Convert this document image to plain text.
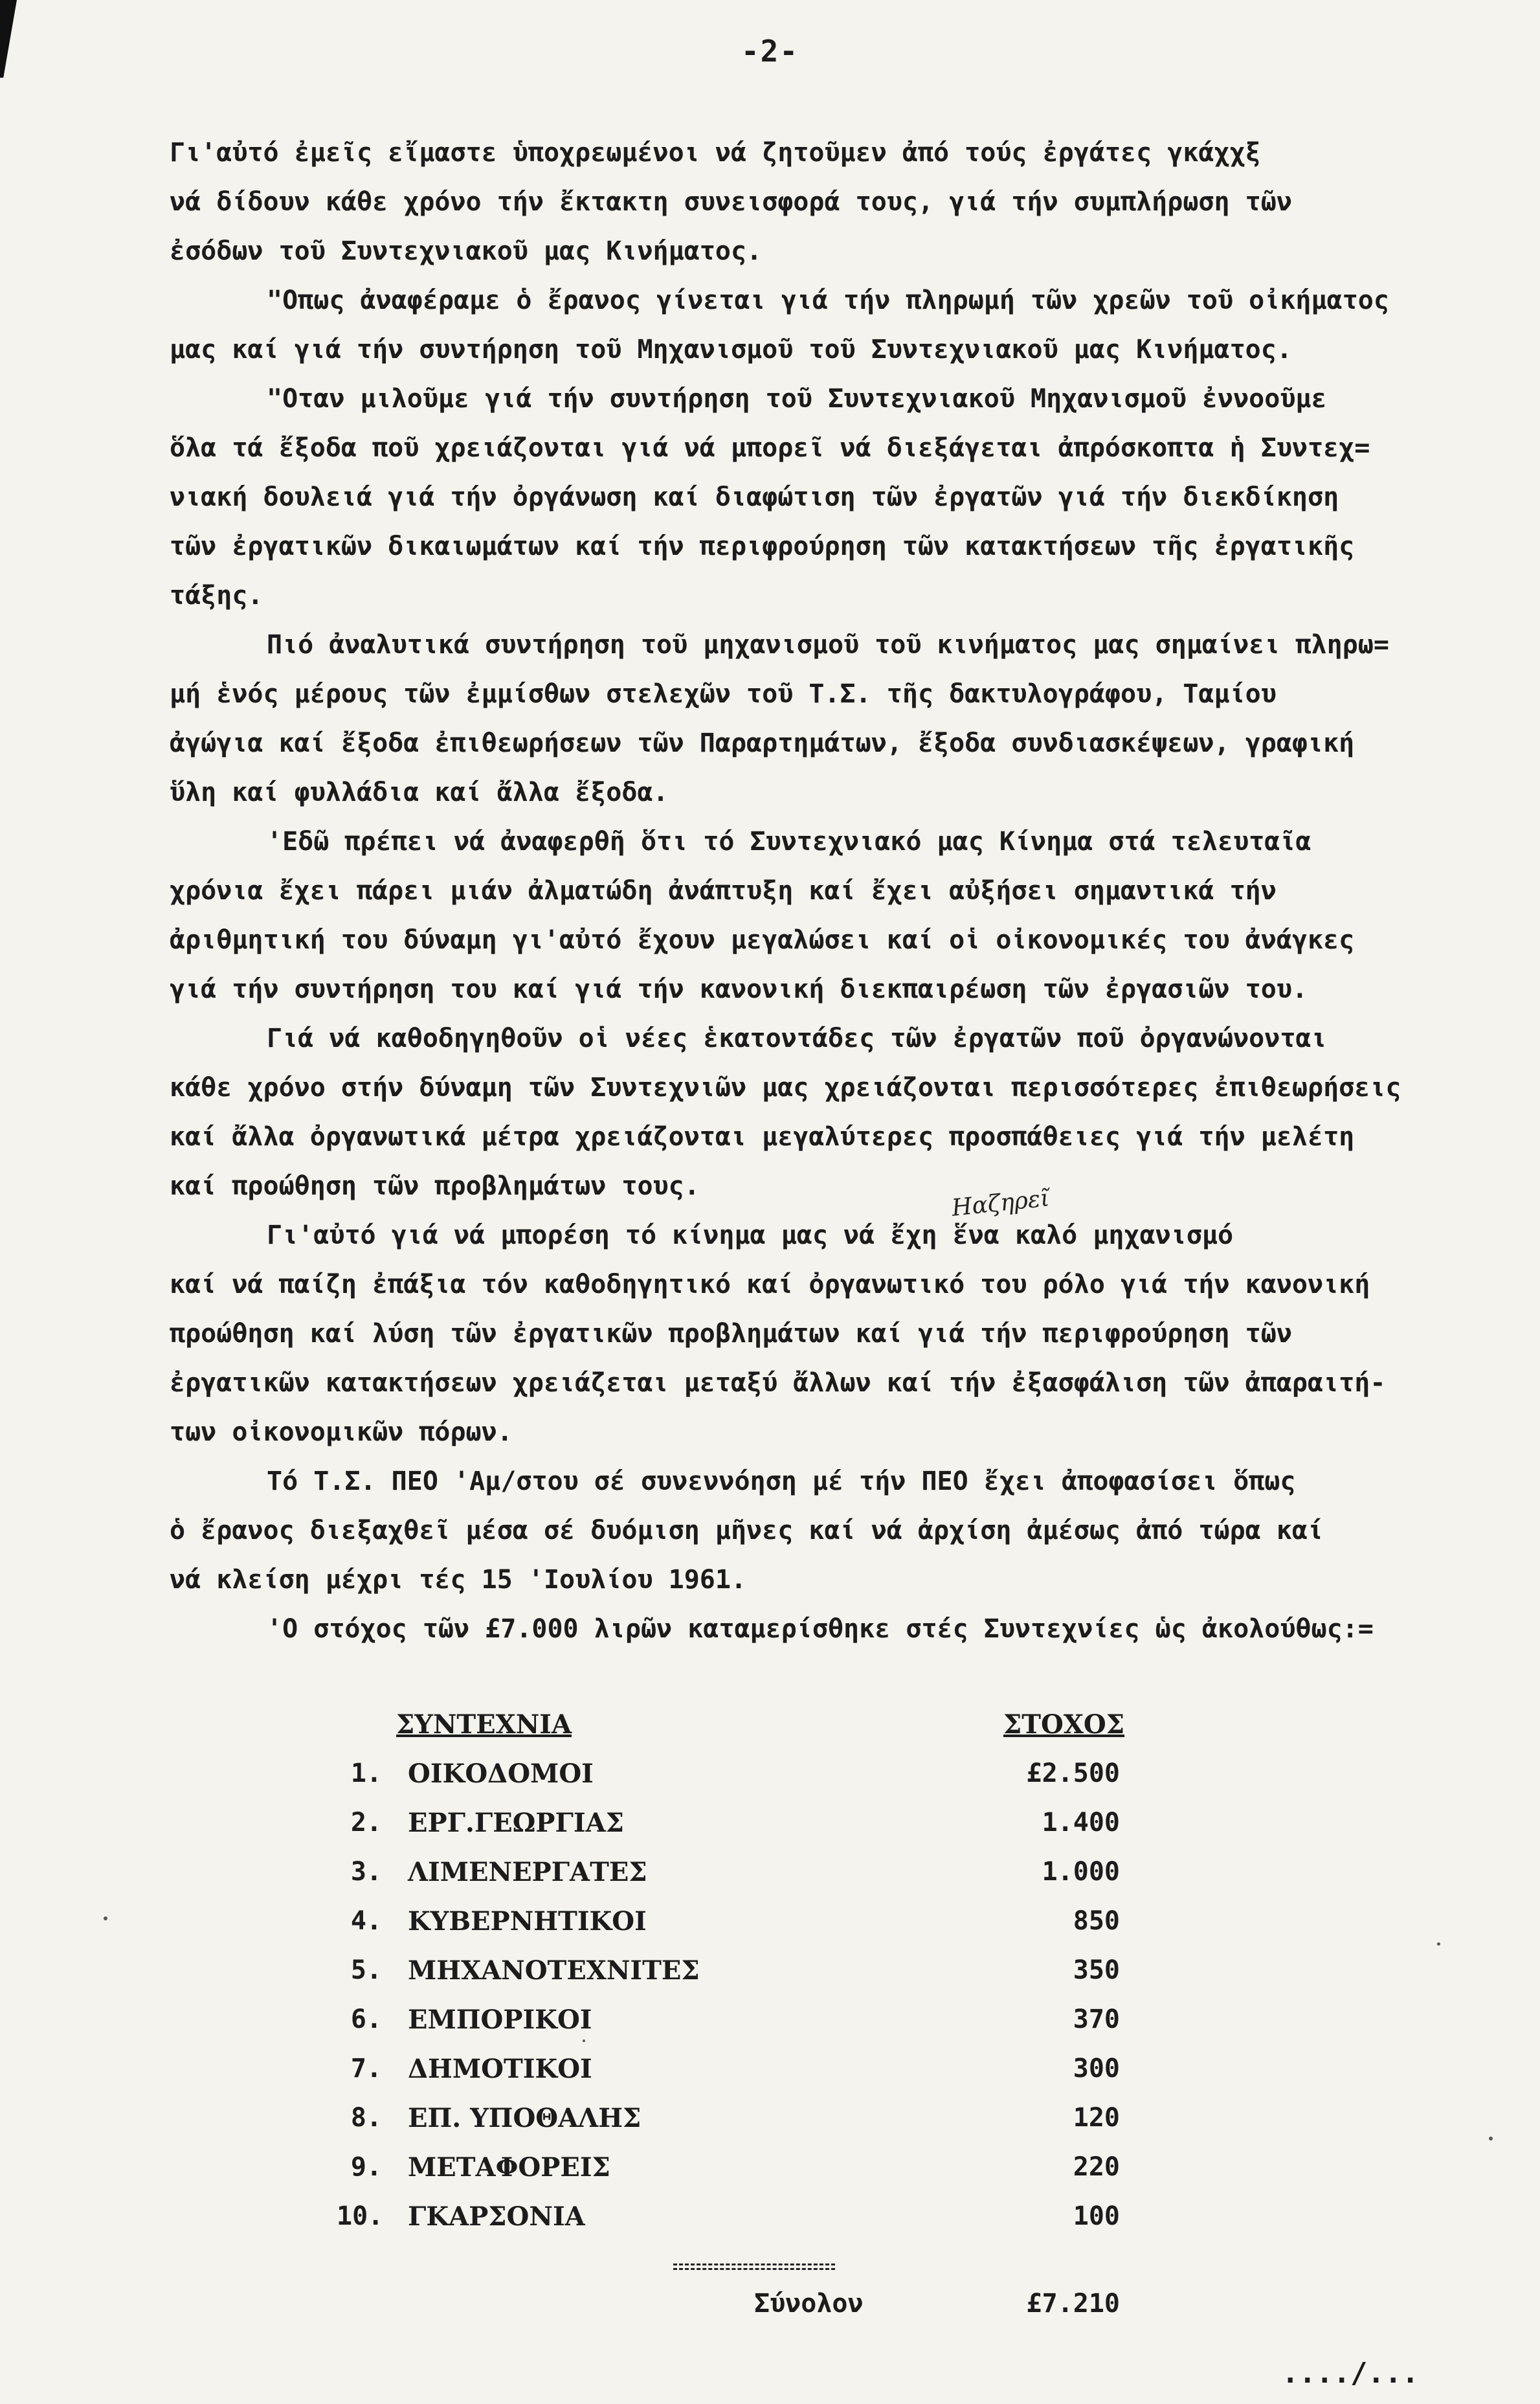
-2-
Γι'αὐτό ἐμεῖς εἴμαστε ὑποχρεωμένοι νά ζητοῦμεν ἀπό τούς ἐργάτες γκάχχξ
νά δίδουν κάθε χρόνο τήν ἔκτακτη συνεισφορά τους, γιά τήν συμπλήρωση τῶν
ἐσόδων τοῦ Συντεχνιακοῦ μας Κινήματος.
"Οπως ἀναφέραμε ὁ ἔρανος γίνεται γιά τήν πληρωμή τῶν χρεῶν τοῦ οἰκήματος
μας καί γιά τήν συντήρηση τοῦ Μηχανισμοῦ τοῦ Συντεχνιακοῦ μας Κινήματος.
"Οταν μιλοῦμε γιά τήν συντήρηση τοῦ Συντεχνιακοῦ Μηχανισμοῦ ἐννοοῦμε
ὅλα τά ἔξοδα ποῦ χρειάζονται γιά νά μπορεῖ νά διεξάγεται ἀπρόσκοπτα ἡ Συντεχ=
νιακή δουλειά γιά τήν ὀργάνωση καί διαφώτιση τῶν ἐργατῶν γιά τήν διεκδίκηση
τῶν ἐργατικῶν δικαιωμάτων καί τήν περιφρούρηση τῶν κατακτήσεων τῆς ἐργατικῆς
τάξης.
Πιό ἀναλυτικά συντήρηση τοῦ μηχανισμοῦ τοῦ κινήματος μας σημαίνει πληρω=
μή ἑνός μέρους τῶν ἐμμίσθων στελεχῶν τοῦ Τ.Σ. τῆς δακτυλογράφου, Ταμίου
ἀγώγια καί ἔξοδα ἐπιθεωρήσεων τῶν Παραρτημάτων, ἔξοδα συνδιασκέψεων, γραφική
ὕλη καί φυλλάδια καί ἄλλα ἔξοδα.
'Εδῶ πρέπει νά ἀναφερθῆ ὅτι τό Συντεχνιακό μας Κίνημα στά τελευταῖα
χρόνια ἔχει πάρει μιάν ἀλματώδη ἀνάπτυξη καί ἔχει αὐξήσει σημαντικά τήν
ἀριθμητική του δύναμη γι'αὐτό ἔχουν μεγαλώσει καί οἱ οἰκονομικές του ἀνάγκες
γιά τήν συντήρηση του καί γιά τήν κανονική διεκπαιρέωση τῶν ἐργασιῶν του.
Γιά νά καθοδηγηθοῦν οἱ νέες ἑκατοντάδες τῶν ἐργατῶν ποῦ ὀργανώνονται
κάθε χρόνο στήν δύναμη τῶν Συντεχνιῶν μας χρειάζονται περισσότερες ἐπιθεωρήσεις
καί ἄλλα ὀργανωτικά μέτρα χρειάζονται μεγαλύτερες προσπάθειες γιά τήν μελέτη
καί προώθηση τῶν προβλημάτων τους.
Γι'αὐτό γιά νά μπορέση τό κίνημα μας νά ἔχη ἕνα καλό μηχανισμό
καί νά παίζη ἐπάξια τόν καθοδηγητικό καί ὀργανωτικό του ρόλο γιά τήν κανονική
προώθηση καί λύση τῶν ἐργατικῶν προβλημάτων καί γιά τήν περιφρούρηση τῶν
ἐργατικῶν κατακτήσεων χρειάζεται μεταξύ ἄλλων καί τήν ἐξασφάλιση τῶν ἀπαραιτή-
των οἰκονομικῶν πόρων.
Τό Τ.Σ. ΠΕΟ 'Αμ/στου σέ συνεννόηση μέ τήν ΠΕΟ ἔχει ἀποφασίσει ὅπως
ὁ ἔρανος διεξαχθεῖ μέσα σέ δυόμιση μῆνες καί νά ἀρχίση ἀμέσως ἀπό τώρα καί
νά κλείση μέχρι τές 15 'Ιουλίου 1961.
'Ο στόχος τῶν £7.000 λιρῶν καταμερίσθηκε στές Συντεχνίες ὡς ἀκολούθως:=
Ηαζηρεῖ
ΣΥΝΤΕΧΝΙΑ	ΣΤΟΧΟΣ
1. ΟΙΚΟΔΟΜΟΙ	£2.500
2. ΕΡΓ.ΓΕΩΡΓΙΑΣ	1.400
3. ΛΙΜΕΝΕΡΓΑΤΕΣ	1.000
4. ΚΥΒΕΡΝΗΤΙΚΟΙ	850
5. ΜΗΧΑΝΟΤΕΧΝΙΤΕΣ	350
6. ΕΜΠΟΡΙΚΟΙ	370
7. ΔΗΜΟΤΙΚΟΙ	300
8. ΕΠ. ΥΠΟΘΑΛΗΣ	120
9. ΜΕΤΑΦΟΡΕΙΣ	220
10. ΓΚΑΡΣΟΝΙΑ	100
Σύνολον	£7.210
..../...
